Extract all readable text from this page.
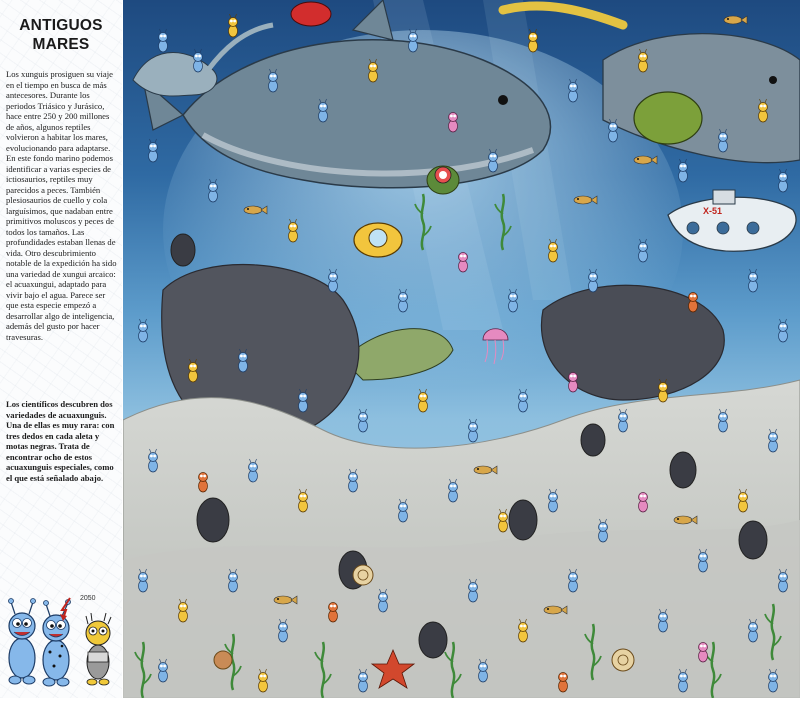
ANTIGUOS
MARES

Los xunguis prosiguen su viaje en el tiempo en busca de más antecesores. Durante los periodos Triásico y Jurásico, hace entre 250 y 200 millones de años, algunos reptiles volvieron a habitar los mares, evolucionando para adaptarse. En este fondo marino podemos identificar a varias especies de ictiosaurios, reptiles muy parecidos a peces. También plesiosaurios de cuello y cola larguísimos, que nadaban entre primitivos moluscos y peces de todos los tamaños. Las profundidades estaban llenas de vida. Otro descubrimiento notable de la expedición ha sido una variedad de xungui arcaico: el acuaxungui, adaptado para vivir bajo el agua. Parece ser que esta especie empezó a desarrollar algo de inteligencia, además del gusto por hacer travesuras.

Los científicos descubren dos variedades de acuaxunguis. Una de ellas es muy rara: con tres dedos en cada aleta y motas negras. Trata de encontrar ocho de estos acuaxunguis especiales, como el que está señalado abajo.

2050
X-51
